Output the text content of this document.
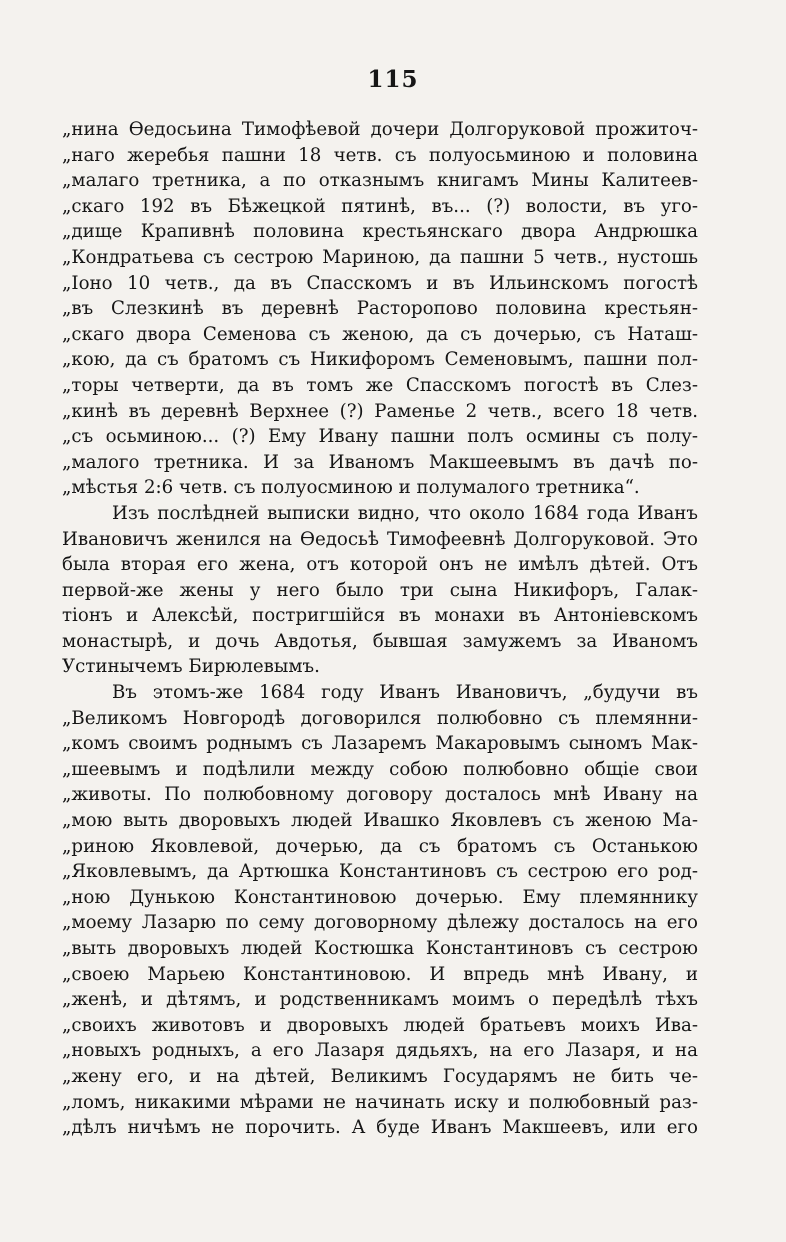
115
„нина Ѳедосьина Тимофѣевой дочери Долгоруковой прожиточ-
„наго жеребья пашни 18 четв. съ полуосьминою и половина
„малаго третника, а по отказнымъ книгамъ Мины Калитеев-
„скаго 192 въ Бѣжецкой пятинѣ, въ... (?) волости, въ уго-
„дище Крапивнѣ половина крестьянскаго двора Андрюшка
„Кондратьева съ сестрою Мариною, да пашни 5 четв., нустошь
„Іоно 10 четв., да въ Спасскомъ и въ Ильинскомъ погостѣ
„въ Слезкинѣ въ деревнѣ Расторопово половина крестьян-
„скаго двора Семенова съ женою, да съ дочерью, съ Наташ-
„кою, да съ братомъ съ Никифоромъ Семеновымъ, пашни пол-
„торы четверти, да въ томъ же Спасскомъ погостѣ въ Слез-
„кинѣ въ деревнѣ Верхнее (?) Раменье 2 четв., всего 18 четв.
„съ осьминою... (?) Ему Ивану пашни полъ осмины съ полу-
„малого третника. И за Иваномъ Макшеевымъ въ дачѣ по-
„мѣстья 2:6 четв. съ полуосминою и полумалого третника“.
Изъ послѣдней выписки видно, что около 1684 года Иванъ
Ивановичъ женился на Ѳедосьѣ Тимофеевнѣ Долгоруковой. Это
была вторая его жена, отъ которой онъ не имѣлъ дѣтей. Отъ
первой-же жены у него было три сына Никифоръ, Галак-
тіонъ и Алексѣй, постригшійся въ монахи въ Антоніевскомъ
монастырѣ, и дочь Авдотья, бывшая замужемъ за Иваномъ
Устинычемъ Бирюлевымъ.
Въ этомъ-же 1684 году Иванъ Ивановичъ, „будучи въ
„Великомъ Новгородѣ договорился полюбовно съ племянни-
„комъ своимъ роднымъ съ Лазаремъ Макаровымъ сыномъ Мак-
„шеевымъ и подѣлили между собою полюбовно общіе свои
„животы. По полюбовному договору досталось мнѣ Ивану на
„мою выть дворовыхъ людей Ивашко Яковлевъ съ женою Ма-
„риною Яковлевой, дочерью, да съ братомъ съ Останькою
„Яковлевымъ, да Артюшка Константиновъ съ сестрою его род-
„ною Дунькою Константиновою дочерью. Ему племяннику
„моему Лазарю по сему договорному дѣлежу досталось на его
„выть дворовыхъ людей Костюшка Константиновъ съ сестрою
„своею Марьею Константиновою. И впредь мнѣ Ивану, и
„женѣ, и дѣтямъ, и родственникамъ моимъ о передѣлѣ тѣхъ
„своихъ животовъ и дворовыхъ людей братьевъ моихъ Ива-
„новыхъ родныхъ, а его Лазаря дядьяхъ, на его Лазаря, и на
„жену его, и на дѣтей, Великимъ Государямъ не бить че-
„ломъ, никакими мѣрами не начинать иску и полюбовный раз-
„дѣлъ ничѣмъ не порочить. А буде Иванъ Макшеевъ, или его
